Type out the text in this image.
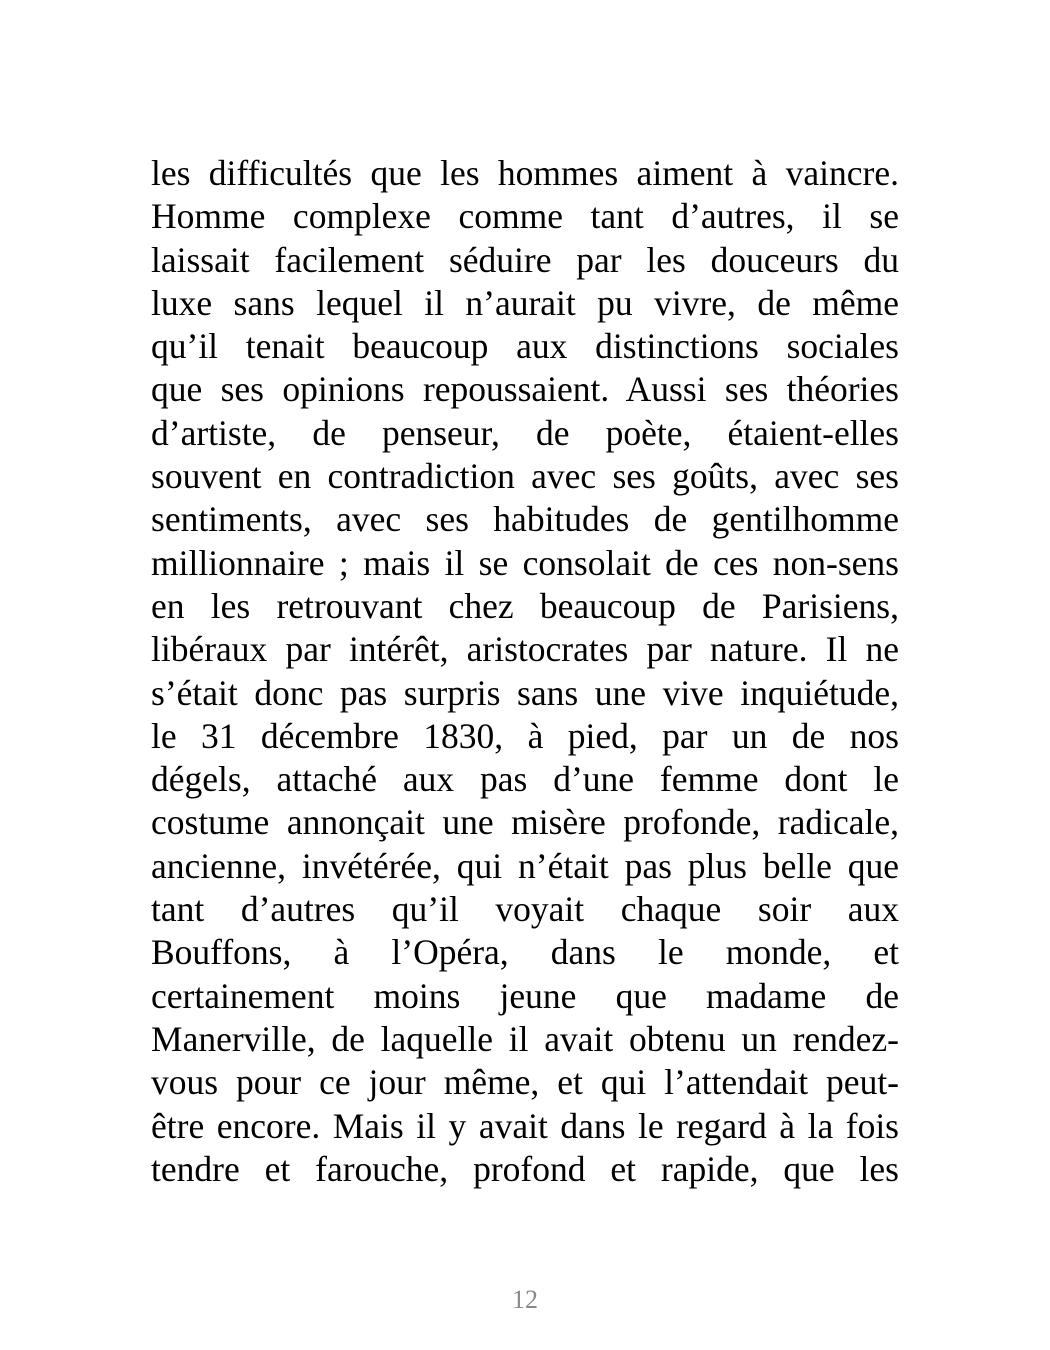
les difficultés que les hommes aiment à vaincre.
Homme complexe comme tant d’autres, il se
laissait facilement séduire par les douceurs du
luxe sans lequel il n’aurait pu vivre, de même
qu’il tenait beaucoup aux distinctions sociales
que ses opinions repoussaient. Aussi ses théories
d’artiste, de penseur, de poète, étaient-elles
souvent en contradiction avec ses goûts, avec ses
sentiments, avec ses habitudes de gentilhomme
millionnaire ; mais il se consolait de ces non-sens
en les retrouvant chez beaucoup de Parisiens,
libéraux par intérêt, aristocrates par nature. Il ne
s’était donc pas surpris sans une vive inquiétude,
le 31 décembre 1830, à pied, par un de nos
dégels, attaché aux pas d’une femme dont le
costume annonçait une misère profonde, radicale,
ancienne, invétérée, qui n’était pas plus belle que
tant d’autres qu’il voyait chaque soir aux
Bouffons, à l’Opéra, dans le monde, et
certainement moins jeune que madame de
Manerville, de laquelle il avait obtenu un rendez-
vous pour ce jour même, et qui l’attendait peut-
être encore. Mais il y avait dans le regard à la fois
tendre et farouche, profond et rapide, que les
12
